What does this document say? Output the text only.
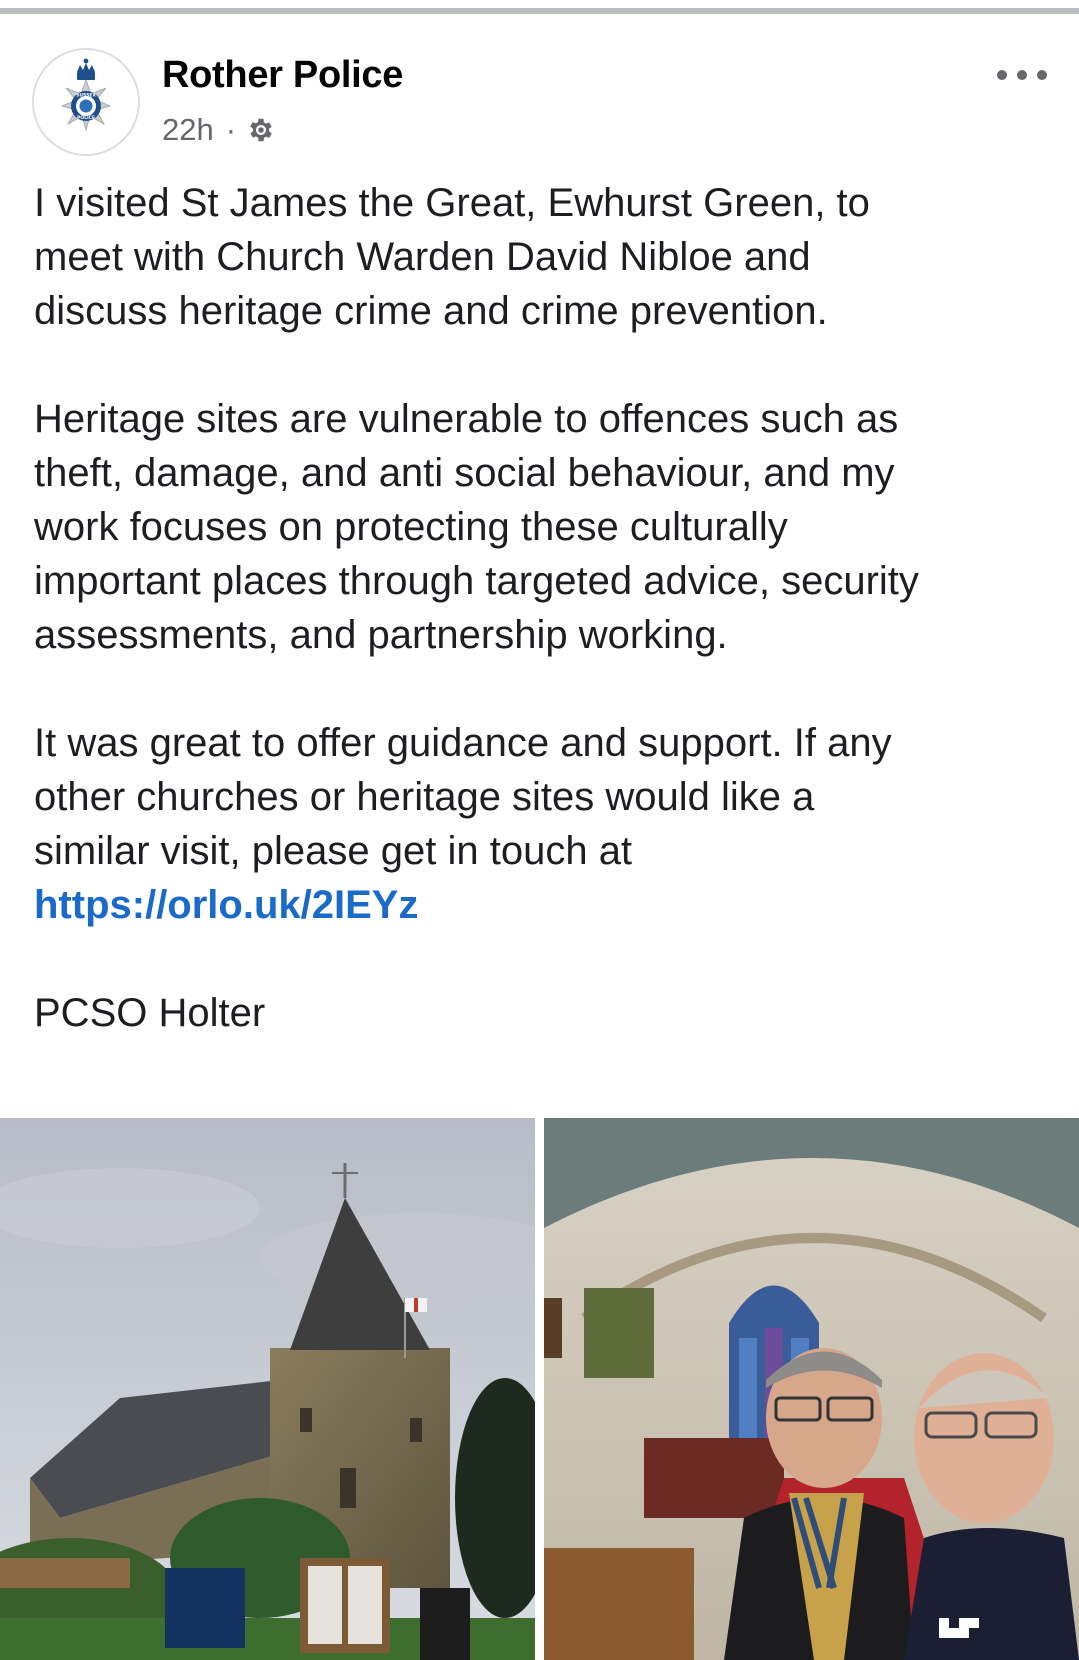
SUSSEX
POLICE
Rother Police
22h ·

I visited St James the Great, Ewhurst Green, to
meet with Church Warden David Nibloe and
discuss heritage crime and crime prevention.

Heritage sites are vulnerable to offences such as
theft, damage, and anti social behaviour, and my
work focuses on protecting these culturally
important places through targeted advice, security
assessments, and partnership working.

It was great to offer guidance and support. If any
other churches or heritage sites would like a
similar visit, please get in touch at
https://orlo.uk/2IEYz

PCSO Holter
